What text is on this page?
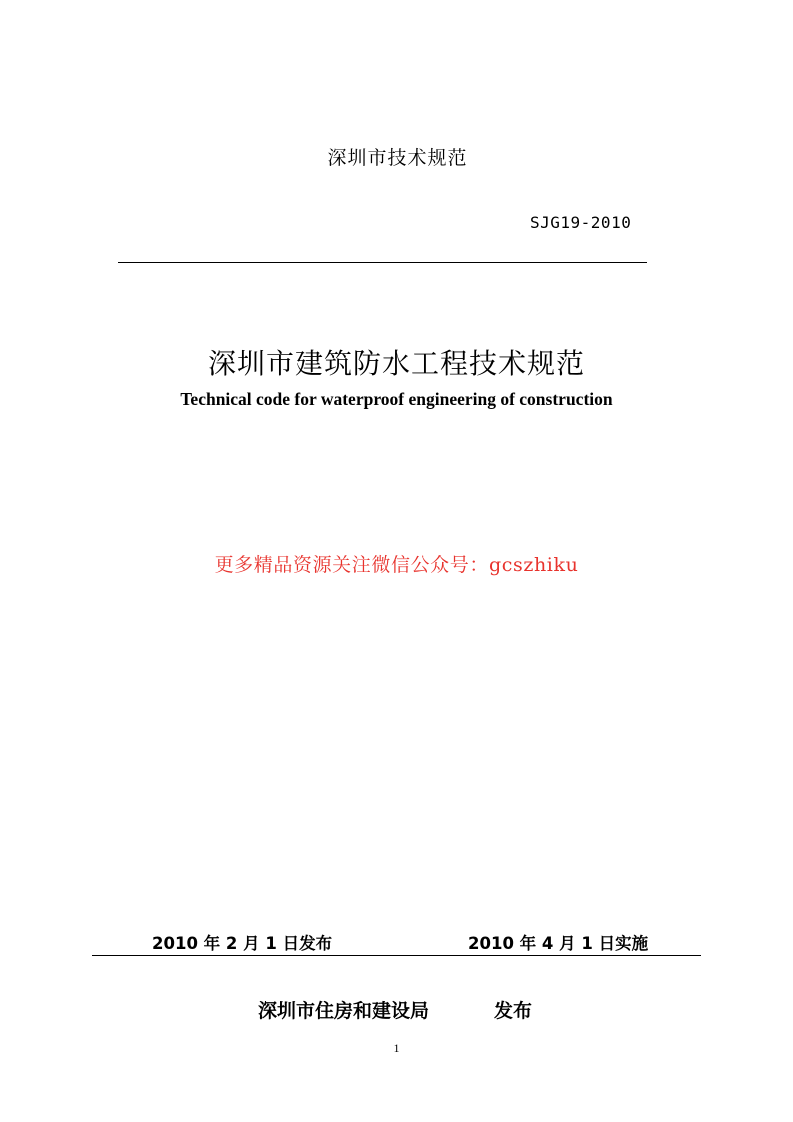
深圳市技术规范
SJG19-2010
深圳市建筑防水工程技术规范
Technical code for waterproof engineering of construction
更多精品资源关注微信公众号：gcszhiku
2010 年 2 月 1 日发布	2010 年 4 月 1 日实施
深圳市住房和建设局	发布
1
